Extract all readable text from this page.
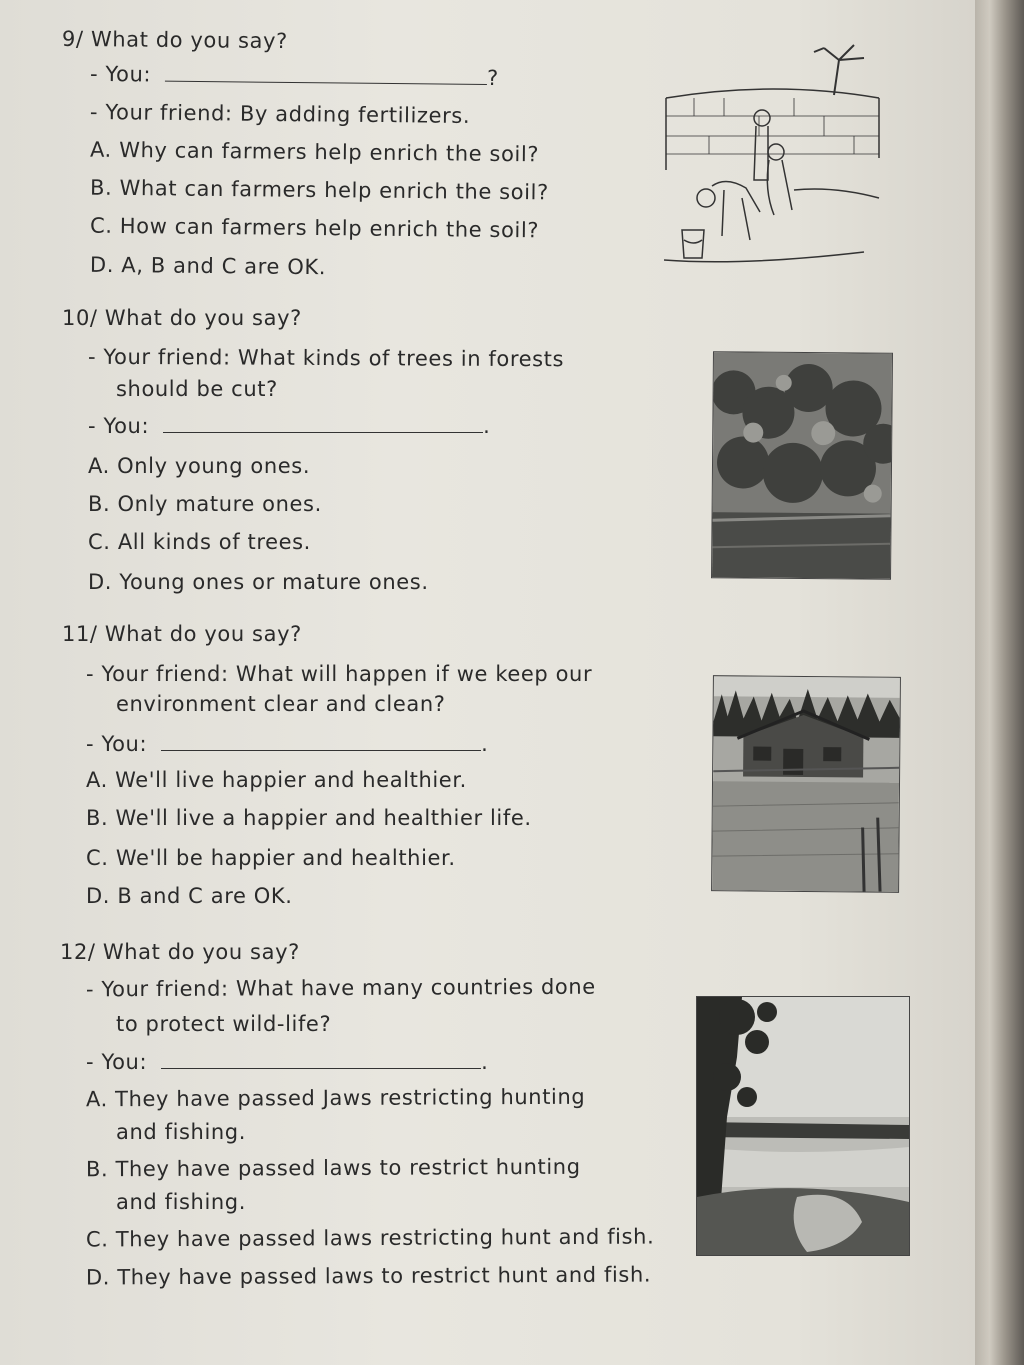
9/ What do you say?
- You:	?
- Your friend: By adding fertilizers.
A. Why can farmers help enrich the soil?
B. What can farmers help enrich the soil?
C. How can farmers help enrich the soil?
D. A, B and C are OK.
10/ What do you say?
- Your friend: What kinds of trees in forests
should be cut?
- You:	.
A. Only young ones.
B. Only mature ones.
C. All kinds of trees.
D. Young ones or mature ones.
11/ What do you say?
- Your friend: What will happen if we keep our
environment clear and clean?
- You:	.
A. We'll live happier and healthier.
B. We'll live a happier and healthier life.
C. We'll be happier and healthier.
D. B and C are OK.
12/ What do you say?
- Your friend: What have many countries done
to protect wild-life?
- You:	.
A. They have passed Jaws restricting hunting
and fishing.
B. They have passed laws to restrict hunting
and fishing.
C. They have passed laws restricting hunt and fish.
D. They have passed laws to restrict hunt and fish.
